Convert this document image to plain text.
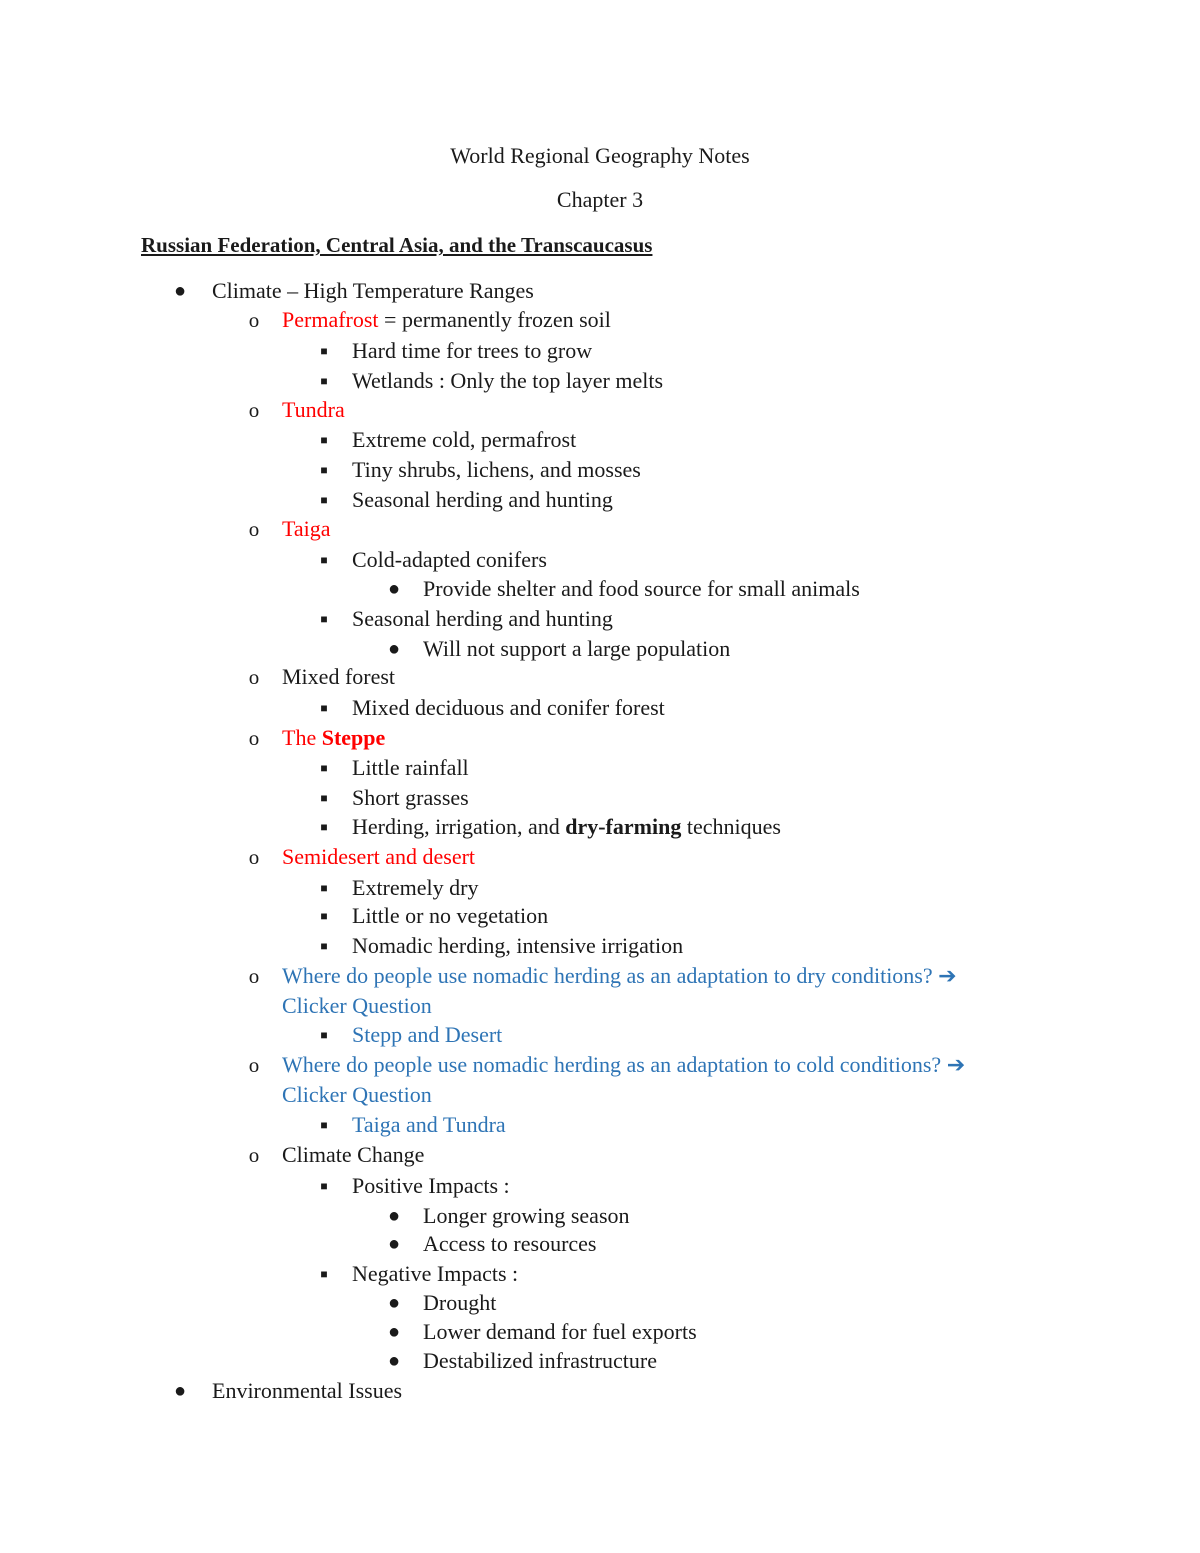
World Regional Geography Notes
Chapter 3
Russian Federation, Central Asia, and the Transcaucasus
● Climate – High Temperature Ranges
o Permafrost = permanently frozen soil
■ Hard time for trees to grow
■ Wetlands : Only the top layer melts
o Tundra
■ Extreme cold, permafrost
■ Tiny shrubs, lichens, and mosses
■ Seasonal herding and hunting
o Taiga
■ Cold-adapted conifers
● Provide shelter and food source for small animals
■ Seasonal herding and hunting
● Will not support a large population
o Mixed forest
■ Mixed deciduous and conifer forest
o The Steppe
■ Little rainfall
■ Short grasses
■ Herding, irrigation, and dry-farming techniques
o Semidesert and desert
■ Extremely dry
■ Little or no vegetation
■ Nomadic herding, intensive irrigation
o Where do people use nomadic herding as an adaptation to dry conditions? ➔
Clicker Question
■ Stepp and Desert
o Where do people use nomadic herding as an adaptation to cold conditions? ➔
Clicker Question
■ Taiga and Tundra
o Climate Change
■ Positive Impacts :
● Longer growing season
● Access to resources
■ Negative Impacts :
● Drought
● Lower demand for fuel exports
● Destabilized infrastructure
● Environmental Issues
